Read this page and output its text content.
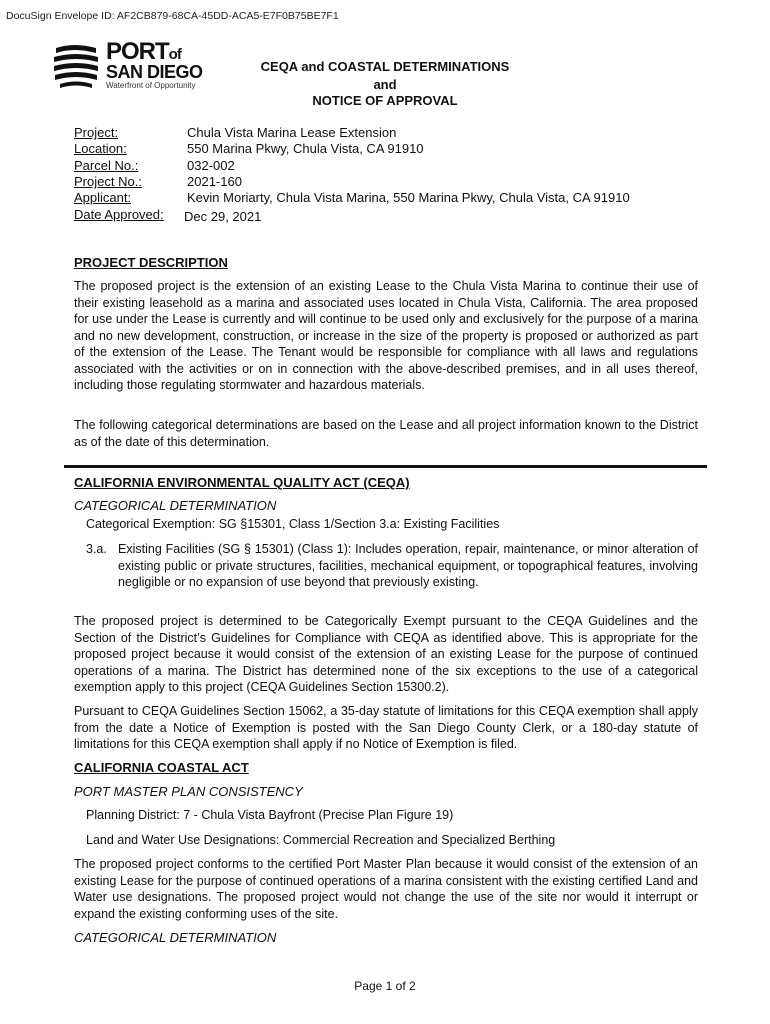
DocuSign Envelope ID: AF2CB879-68CA-45DD-ACA5-E7F0B75BE7F1
PORTof
SAN DIEGO
Waterfront of Opportunity
CEQA and COASTAL DETERMINATIONS
and
NOTICE OF APPROVAL
Project:	Chula Vista Marina Lease Extension
Location:	550 Marina Pkwy, Chula Vista, CA 91910
Parcel No.:	032-002
Project No.:	2021-160
Applicant:	Kevin Moriarty, Chula Vista Marina, 550 Marina Pkwy, Chula Vista, CA 91910
Date Approved: Dec 29, 2021
PROJECT DESCRIPTION
The proposed project is the extension of an existing Lease to the Chula Vista Marina to continue their use of their existing leasehold as a marina and associated uses located in Chula Vista, California. The area proposed for use under the Lease is currently and will continue to be used only and exclusively for the purpose of a marina and no new development, construction, or increase in the size of the property is proposed or authorized as part of the extension of the Lease. The Tenant would be responsible for compliance with all laws and regulations associated with the activities or on in connection with the above-described premises, and in all uses thereof, including those regulating stormwater and hazardous materials.
The following categorical determinations are based on the Lease and all project information known to the District as of the date of this determination.
CALIFORNIA ENVIRONMENTAL QUALITY ACT (CEQA)
CATEGORICAL DETERMINATION
Categorical Exemption: SG §15301, Class 1/Section 3.a: Existing Facilities
3.a. Existing Facilities (SG § 15301) (Class 1): Includes operation, repair, maintenance, or minor alteration of existing public or private structures, facilities, mechanical equipment, or topographical features, involving negligible or no expansion of use beyond that previously existing.
The proposed project is determined to be Categorically Exempt pursuant to the CEQA Guidelines and the Section of the District’s Guidelines for Compliance with CEQA as identified above. This is appropriate for the proposed project because it would consist of the extension of an existing Lease for the purpose of continued operations of a marina. The District has determined none of the six exceptions to the use of a categorical exemption apply to this project (CEQA Guidelines Section 15300.2).
Pursuant to CEQA Guidelines Section 15062, a 35-day statute of limitations for this CEQA exemption shall apply from the date a Notice of Exemption is posted with the San Diego County Clerk, or a 180-day statute of limitations for this CEQA exemption shall apply if no Notice of Exemption is filed.
CALIFORNIA COASTAL ACT
PORT MASTER PLAN CONSISTENCY
Planning District: 7 - Chula Vista Bayfront (Precise Plan Figure 19)
Land and Water Use Designations: Commercial Recreation and Specialized Berthing
The proposed project conforms to the certified Port Master Plan because it would consist of the extension of an existing Lease for the purpose of continued operations of a marina consistent with the existing certified Land and Water use designations. The proposed project would not change the use of the site nor would it interrupt or expand the existing conforming uses of the site.
CATEGORICAL DETERMINATION
Page 1 of 2
